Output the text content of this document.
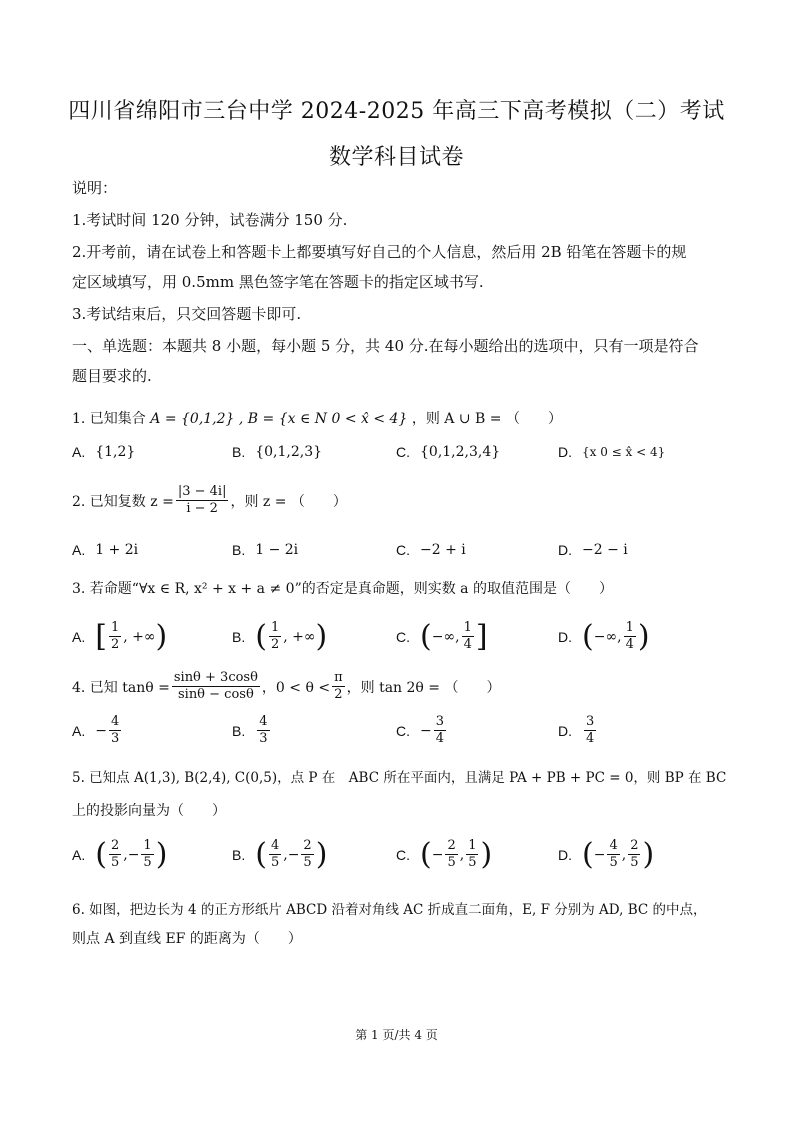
四川省绵阳市三台中学 2024-2025 年高三下高考模拟（二）考试
数学科目试卷
说明：
1.考试时间 120 分钟，试卷满分 150 分.
2.开考前，请在试卷上和答题卡上都要填写好自己的个人信息，然后用 2B 铅笔在答题卡的规
定区域填写，用 0.5mm 黑色签字笔在答题卡的指定区域书写.
3.考试结束后，只交回答题卡即可.
一、单选题：本题共 8 小题，每小题 5 分，共 40 分.在每小题给出的选项中，只有一项是符合
题目要求的.
1. 已知集合 A = {0,1,2} , B = {x ∈ N 0 < x̂ < 4} ，则 A ∪ B = （　　）
A. {1,2}	B. {0,1,2,3}	C. {0,1,2,3,4}	D. {x 0 ≤ x̂ < 4}
2. 已知复数 $z = \frac{|3 - 4i|}{i - 2}$ ，则 z = （　　）
A. 1 + 2i	B. 1 − 2i	C. −2 + i	D. −2 − i
3. 若命题“∀x ∈ R, x² + x + a ≠ 0”的否定是真命题，则实数 a 的取值范围是（　　）
A. [ $\frac{1}{2}$ , +∞ )	B. ( $\frac{1}{2}$ , +∞ )	C. ( −∞, $\frac{1}{4}$ ]	D. ( −∞, $\frac{1}{4}$ )
4. 已知 $\tan\theta = \frac{\sin\theta + 3\cos\theta}{\sin\theta - \cos\theta}$ ，$0 < \theta < \frac{\pi}{2}$ ，则 tan 2θ = （　　）
A. − $\frac{4}{3}$	B. $\frac{4}{3}$	C. − $\frac{3}{4}$	D. $\frac{3}{4}$
5. 已知点 A(1,3), B(2,4), C(0,5)，点 P 在　ABC 所在平面内，且满足 PA + PB + PC = 0，则 BP 在 BC
上的投影向量为（　　）
A. ( $\frac{2}{5}$ , − $\frac{1}{5}$ )	B. ( $\frac{4}{5}$ , − $\frac{2}{5}$ )	C. ( − $\frac{2}{5}$ , $\frac{1}{5}$ )	D. ( − $\frac{4}{5}$ , $\frac{2}{5}$ )
6. 如图，把边长为 4 的正方形纸片 ABCD 沿着对角线 AC 折成直二面角，E, F 分别为 AD, BC 的中点，
则点 A 到直线 EF 的距离为（　　）
第 1 页/共 4 页
